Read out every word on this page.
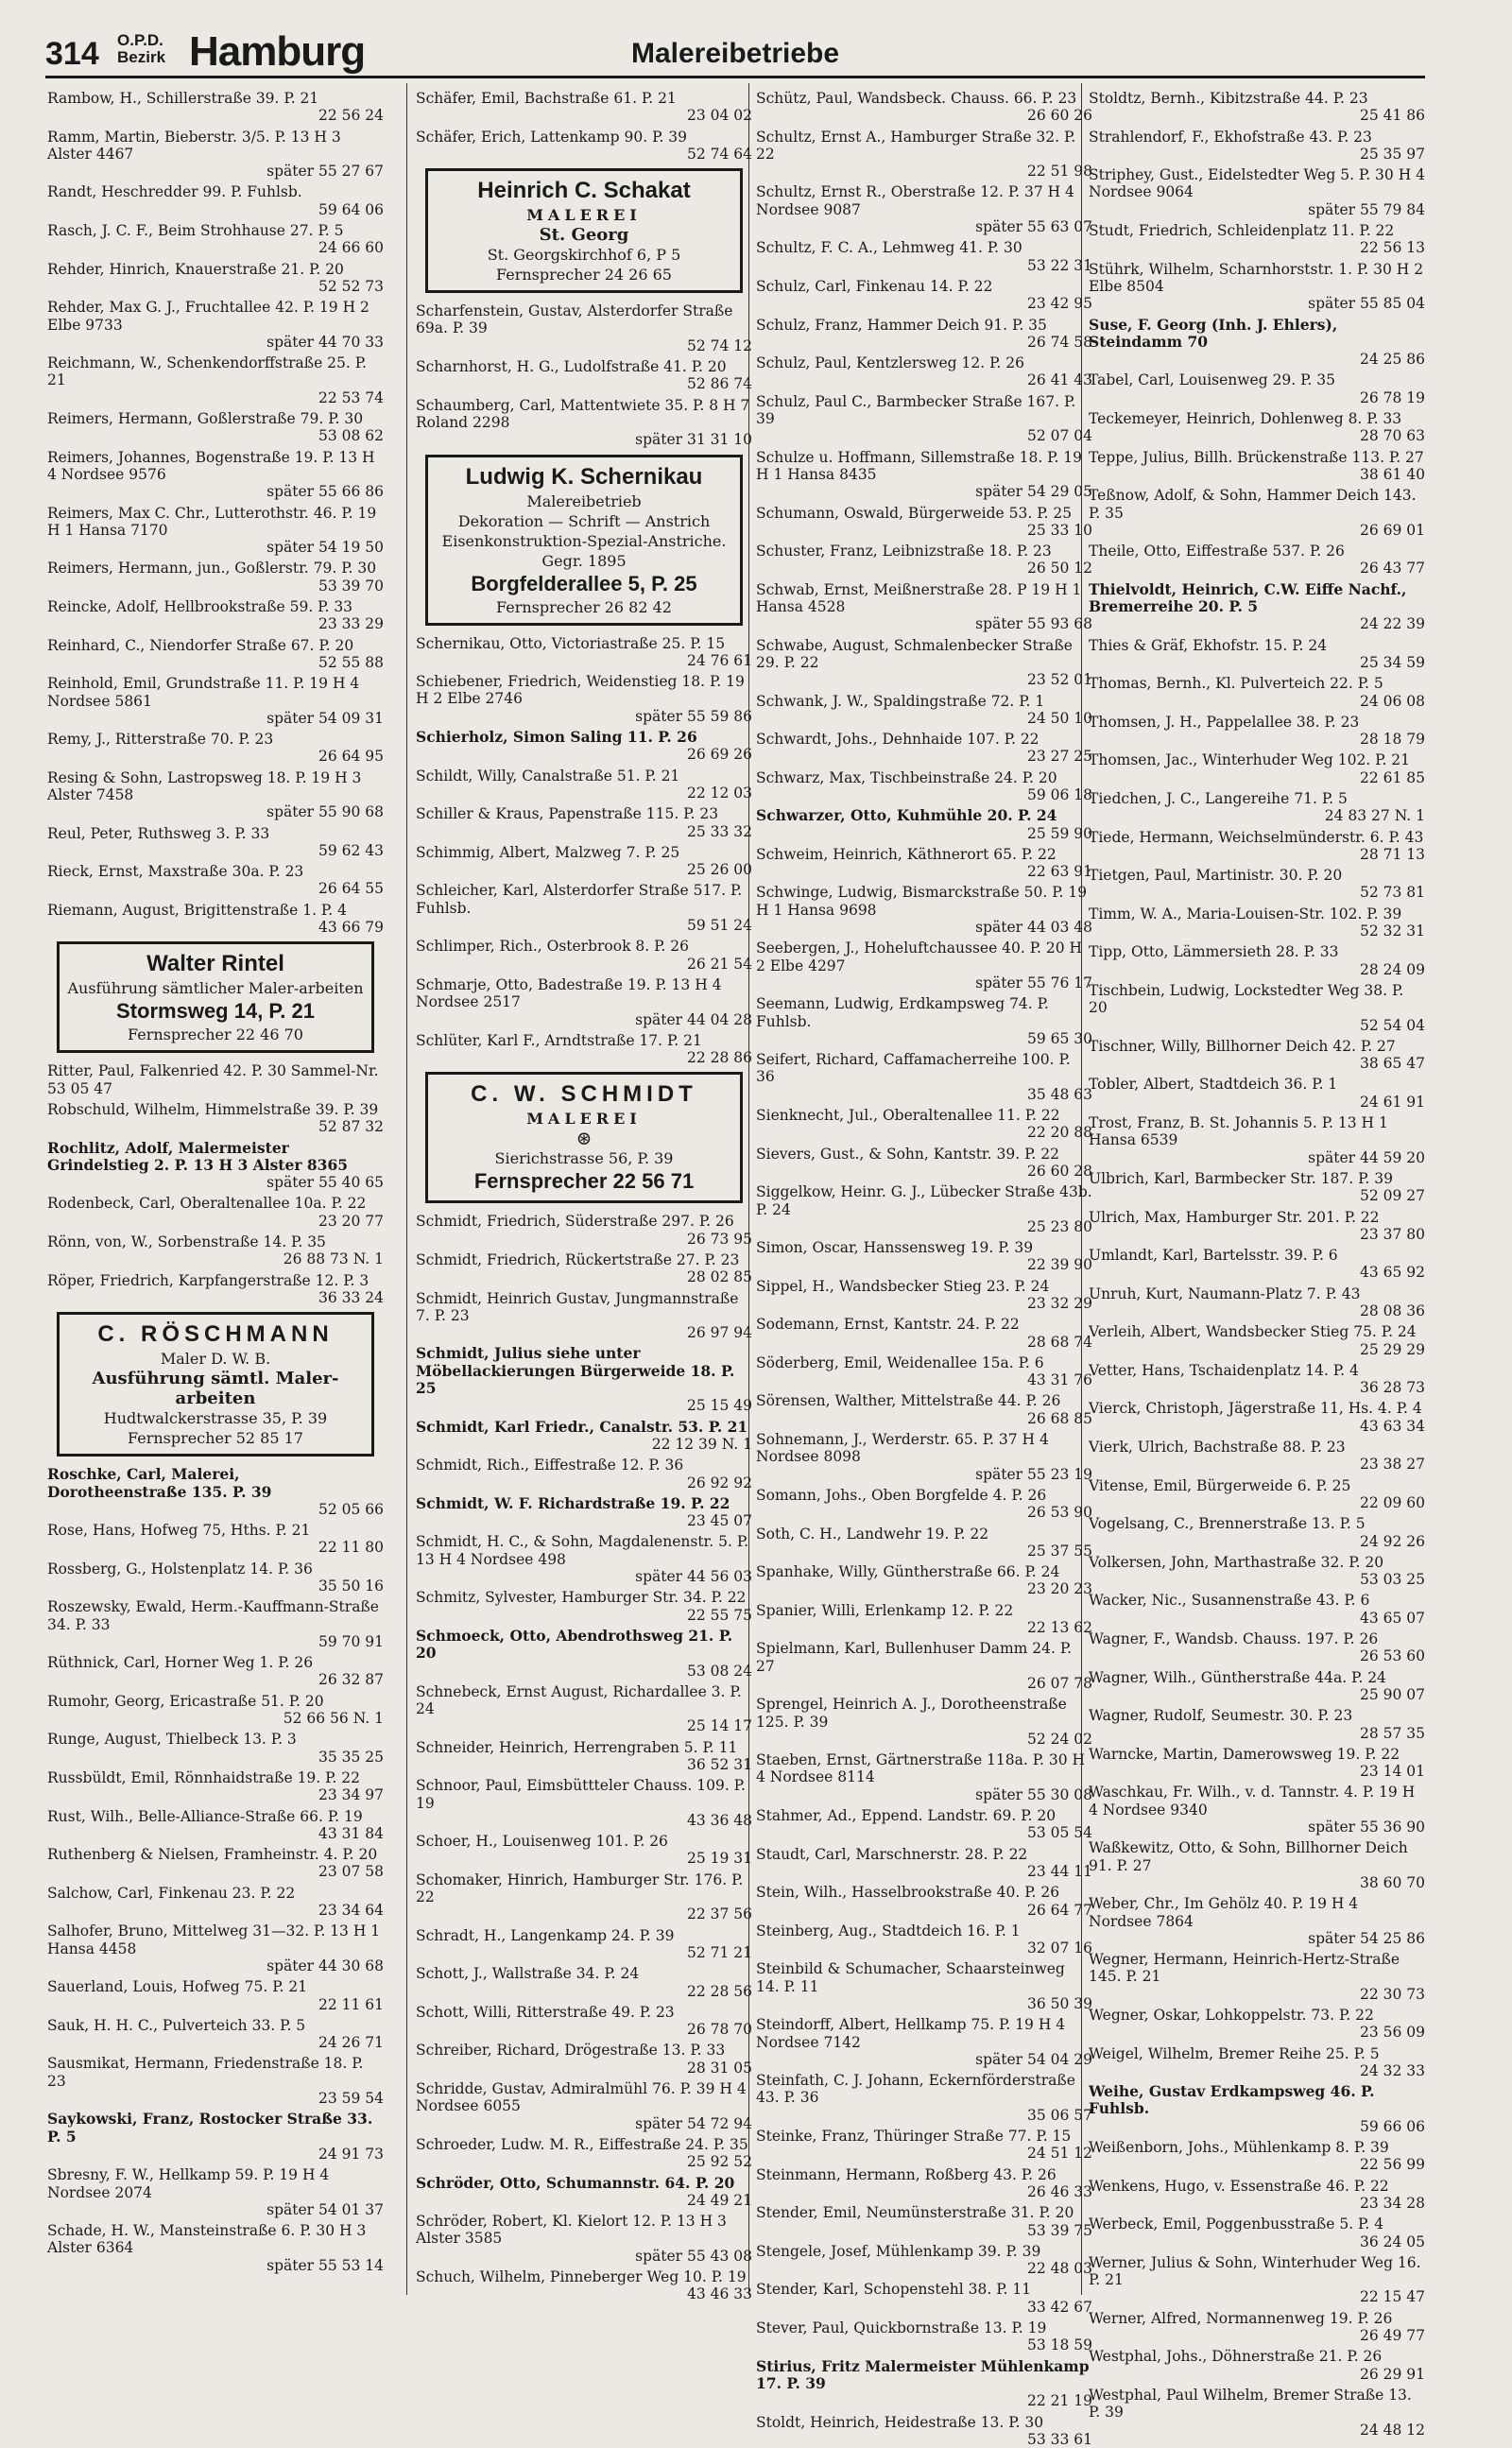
314 O.P.D.
Bezirk Hamburg	Malereibetriebe
Rambow, H., Schillerstraße 39. P. 21
22 56 24
Ramm, Martin, Bieberstr. 3/5. P. 13 H 3 Alster 4467
später 55 27 67
Randt, Heschredder 99. P. Fuhlsb.
59 64 06
Rasch, J. C. F., Beim Strohhause 27. P. 5
24 66 60
Rehder, Hinrich, Knauerstraße 21. P. 20
52 52 73
Rehder, Max G. J., Fruchtallee 42. P. 19 H 2 Elbe 9733
später 44 70 33
Reichmann, W., Schenkendorffstraße 25. P. 21
22 53 74
Reimers, Hermann, Goßlerstraße 79. P. 30
53 08 62
Reimers, Johannes, Bogenstraße 19. P. 13 H 4 Nordsee 9576
später 55 66 86
Reimers, Max C. Chr., Lutterothstr. 46. P. 19 H 1 Hansa 7170
später 54 19 50
Reimers, Hermann, jun., Goßlerstr. 79. P. 30
53 39 70
Reincke, Adolf, Hellbrookstraße 59. P. 33
23 33 29
Reinhard, C., Niendorfer Straße 67. P. 20
52 55 88
Reinhold, Emil, Grundstraße 11. P. 19 H 4 Nordsee 5861
später 54 09 31
Remy, J., Ritterstraße 70. P. 23
26 64 95
Resing & Sohn, Lastropsweg 18. P. 19 H 3 Alster 7458
später 55 90 68
Reul, Peter, Ruthsweg 3. P. 33
59 62 43
Rieck, Ernst, Maxstraße 30a. P. 23
26 64 55
Riemann, August, Brigittenstraße 1. P. 4
43 66 79
Walter Rintel
Ausführung sämtlicher Maler-arbeiten
Stormsweg 14, P. 21
Fernsprecher 22 46 70
Ritter, Paul, Falkenried 42. P. 30 Sammel-Nr. 53 05 47
Robschuld, Wilhelm, Himmelstraße 39. P. 39
52 87 32
Rochlitz, Adolf, Malermeister Grindelstieg 2. P. 13 H 3 Alster 8365
später 55 40 65
Rodenbeck, Carl, Oberaltenallee 10a. P. 22
23 20 77
Rönn, von, W., Sorbenstraße 14. P. 35
26 88 73 N. 1
Röper, Friedrich, Karpfangerstraße 12. P. 3
36 33 24
C. RÖSCHMANN
Maler D. W. B.
Ausführung sämtl. Maler-arbeiten
Hudtwalckerstrasse 35, P. 39
Fernsprecher 52 85 17
Roschke, Carl, Malerei, Dorotheenstraße 135. P. 39
52 05 66
Rose, Hans, Hofweg 75, Hths. P. 21
22 11 80
Rossberg, G., Holstenplatz 14. P. 36
35 50 16
Roszewsky, Ewald, Herm.-Kauffmann-Straße 34. P. 33
59 70 91
Rüthnick, Carl, Horner Weg 1. P. 26
26 32 87
Rumohr, Georg, Ericastraße 51. P. 20
52 66 56 N. 1
Runge, August, Thielbeck 13. P. 3
35 35 25
Russbüldt, Emil, Rönnhaidstraße 19. P. 22
23 34 97
Rust, Wilh., Belle-Alliance-Straße 66. P. 19
43 31 84
Ruthenberg & Nielsen, Framheinstr. 4. P. 20
23 07 58
Salchow, Carl, Finkenau 23. P. 22
23 34 64
Salhofer, Bruno, Mittelweg 31—32. P. 13 H 1 Hansa 4458
später 44 30 68
Sauerland, Louis, Hofweg 75. P. 21
22 11 61
Sauk, H. H. C., Pulverteich 33. P. 5
24 26 71
Sausmikat, Hermann, Friedenstraße 18. P. 23
23 59 54
Saykowski, Franz, Rostocker Straße 33. P. 5
24 91 73
Sbresny, F. W., Hellkamp 59. P. 19 H 4 Nordsee 2074
später 54 01 37
Schade, H. W., Mansteinstraße 6. P. 30 H 3 Alster 6364
später 55 53 14
Schäfer, Emil, Bachstraße 61. P. 21
23 04 02
Schäfer, Erich, Lattenkamp 90. P. 39
52 74 64
Heinrich C. Schakat
MALEREI
St. Georg
St. Georgskirchhof 6, P 5
Fernsprecher 24 26 65
Scharfenstein, Gustav, Alsterdorfer Straße 69a. P. 39
52 74 12
Scharnhorst, H. G., Ludolfstraße 41. P. 20
52 86 74
Schaumberg, Carl, Mattentwiete 35. P. 8 H 7 Roland 2298
später 31 31 10
Ludwig K. Schernikau
Malereibetrieb
Dekoration — Schrift — Anstrich
Eisenkonstruktion-Spezial-Anstriche. Gegr. 1895
Borgfelderallee 5, P. 25
Fernsprecher 26 82 42
Schernikau, Otto, Victoriastraße 25. P. 15
24 76 61
Schiebener, Friedrich, Weidenstieg 18. P. 19 H 2 Elbe 2746
später 55 59 86
Schierholz, Simon Saling 11. P. 26
26 69 26
Schildt, Willy, Canalstraße 51. P. 21
22 12 03
Schiller & Kraus, Papenstraße 115. P. 23
25 33 32
Schimmig, Albert, Malzweg 7. P. 25
25 26 00
Schleicher, Karl, Alsterdorfer Straße 517. P. Fuhlsb.
59 51 24
Schlimper, Rich., Osterbrook 8. P. 26
26 21 54
Schmarje, Otto, Badestraße 19. P. 13 H 4 Nordsee 2517
später 44 04 28
Schlüter, Karl F., Arndtstraße 17. P. 21
22 28 86
C. W. SCHMIDT
MALEREI
⊛
Sierichstrasse 56, P. 39
Fernsprecher 22 56 71
Schmidt, Friedrich, Süderstraße 297. P. 26
26 73 95
Schmidt, Friedrich, Rückertstraße 27. P. 23
28 02 85
Schmidt, Heinrich Gustav, Jungmannstraße 7. P. 23
26 97 94
Schmidt, Julius siehe unter Möbellackierungen Bürgerweide 18. P. 25
25 15 49
Schmidt, Karl Friedr., Canalstr. 53. P. 21
22 12 39 N. 1
Schmidt, Rich., Eiffestraße 12. P. 36
26 92 92
Schmidt, W. F. Richardstraße 19. P. 22
23 45 07
Schmidt, H. C., & Sohn, Magdalenenstr. 5. P. 13 H 4 Nordsee 498
später 44 56 03
Schmitz, Sylvester, Hamburger Str. 34. P. 22
22 55 75
Schmoeck, Otto, Abendrothsweg 21. P. 20
53 08 24
Schnebeck, Ernst August, Richardallee 3. P. 24
25 14 17
Schneider, Heinrich, Herrengraben 5. P. 11
36 52 31
Schnoor, Paul, Eimsbüttteler Chauss. 109. P. 19
43 36 48
Schoer, H., Louisenweg 101. P. 26
25 19 31
Schomaker, Hinrich, Hamburger Str. 176. P. 22
22 37 56
Schradt, H., Langenkamp 24. P. 39
52 71 21
Schott, J., Wallstraße 34. P. 24
22 28 56
Schott, Willi, Ritterstraße 49. P. 23
26 78 70
Schreiber, Richard, Drögestraße 13. P. 33
28 31 05
Schridde, Gustav, Admiralmühl 76. P. 39 H 4 Nordsee 6055
später 54 72 94
Schroeder, Ludw. M. R., Eiffestraße 24. P. 35
25 92 52
Schröder, Otto, Schumannstr. 64. P. 20
24 49 21
Schröder, Robert, Kl. Kielort 12. P. 13 H 3 Alster 3585
später 55 43 08
Schuch, Wilhelm, Pinneberger Weg 10. P. 19
43 46 33
Schütz, Paul, Wandsbeck. Chauss. 66. P. 23
26 60 26
Schultz, Ernst A., Hamburger Straße 32. P. 22
22 51 98
Schultz, Ernst R., Oberstraße 12. P. 37 H 4 Nordsee 9087
später 55 63 07
Schultz, F. C. A., Lehmweg 41. P. 30
53 22 31
Schulz, Carl, Finkenau 14. P. 22
23 42 95
Schulz, Franz, Hammer Deich 91. P. 35
26 74 58
Schulz, Paul, Kentzlersweg 12. P. 26
26 41 43
Schulz, Paul C., Barmbecker Straße 167. P. 39
52 07 04
Schulze u. Hoffmann, Sillemstraße 18. P. 19 H 1 Hansa 8435
später 54 29 05
Schumann, Oswald, Bürgerweide 53. P. 25
25 33 10
Schuster, Franz, Leibnizstraße 18. P. 23
26 50 12
Schwab, Ernst, Meißnerstraße 28. P 19 H 1 Hansa 4528
später 55 93 68
Schwabe, August, Schmalenbecker Straße 29. P. 22
23 52 01
Schwank, J. W., Spaldingstraße 72. P. 1
24 50 10
Schwardt, Johs., Dehnhaide 107. P. 22
23 27 25
Schwarz, Max, Tischbeinstraße 24. P. 20
59 06 18
Schwarzer, Otto, Kuhmühle 20. P. 24
25 59 90
Schweim, Heinrich, Käthnerort 65. P. 22
22 63 91
Schwinge, Ludwig, Bismarckstraße 50. P. 19 H 1 Hansa 9698
später 44 03 48
Seebergen, J., Hoheluftchaussee 40. P. 20 H 2 Elbe 4297
später 55 76 17
Seemann, Ludwig, Erdkampsweg 74. P. Fuhlsb.
59 65 30
Seifert, Richard, Caffamacherreihe 100. P. 36
35 48 63
Sienknecht, Jul., Oberaltenallee 11. P. 22
22 20 88
Sievers, Gust., & Sohn, Kantstr. 39. P. 22
26 60 28
Siggelkow, Heinr. G. J., Lübecker Straße 43b. P. 24
25 23 80
Simon, Oscar, Hanssensweg 19. P. 39
22 39 90
Sippel, H., Wandsbecker Stieg 23. P. 24
23 32 29
Sodemann, Ernst, Kantstr. 24. P. 22
28 68 74
Söderberg, Emil, Weidenallee 15a. P. 6
43 31 76
Sörensen, Walther, Mittelstraße 44. P. 26
26 68 85
Sohnemann, J., Werderstr. 65. P. 37 H 4 Nordsee 8098
später 55 23 19
Somann, Johs., Oben Borgfelde 4. P. 26
26 53 90
Soth, C. H., Landwehr 19. P. 22
25 37 55
Spanhake, Willy, Güntherstraße 66. P. 24
23 20 23
Spanier, Willi, Erlenkamp 12. P. 22
22 13 62
Spielmann, Karl, Bullenhuser Damm 24. P. 27
26 07 78
Sprengel, Heinrich A. J., Dorotheenstraße 125. P. 39
52 24 02
Staeben, Ernst, Gärtnerstraße 118a. P. 30 H 4 Nordsee 8114
später 55 30 08
Stahmer, Ad., Eppend. Landstr. 69. P. 20
53 05 54
Staudt, Carl, Marschnerstr. 28. P. 22
23 44 11
Stein, Wilh., Hasselbrookstraße 40. P. 26
26 64 77
Steinberg, Aug., Stadtdeich 16. P. 1
32 07 16
Steinbild & Schumacher, Schaarsteinweg 14. P. 11
36 50 39
Steindorff, Albert, Hellkamp 75. P. 19 H 4 Nordsee 7142
später 54 04 29
Steinfath, C. J. Johann, Eckernförderstraße 43. P. 36
35 06 57
Steinke, Franz, Thüringer Straße 77. P. 15
24 51 12
Steinmann, Hermann, Roßberg 43. P. 26
26 46 33
Stender, Emil, Neumünsterstraße 31. P. 20
53 39 75
Stengele, Josef, Mühlenkamp 39. P. 39
22 48 03
Stender, Karl, Schopenstehl 38. P. 11
33 42 67
Stever, Paul, Quickbornstraße 13. P. 19
53 18 59
Stirius, Fritz Malermeister Mühlenkamp 17. P. 39
22 21 19
Stoldt, Heinrich, Heidestraße 13. P. 30
53 33 61
Stoldtz, Bernh., Kibitzstraße 44. P. 23
25 41 86
Strahlendorf, F., Ekhofstraße 43. P. 23
25 35 97
Striphey, Gust., Eidelstedter Weg 5. P. 30 H 4 Nordsee 9064
später 55 79 84
Studt, Friedrich, Schleidenplatz 11. P. 22
22 56 13
Stührk, Wilhelm, Scharnhorststr. 1. P. 30 H 2 Elbe 8504
später 55 85 04
Suse, F. Georg (Inh. J. Ehlers), Steindamm 70
24 25 86
Tabel, Carl, Louisenweg 29. P. 35
26 78 19
Teckemeyer, Heinrich, Dohlenweg 8. P. 33
28 70 63
Teppe, Julius, Billh. Brückenstraße 113. P. 27
38 61 40
Teßnow, Adolf, & Sohn, Hammer Deich 143. P. 35
26 69 01
Theile, Otto, Eiffestraße 537. P. 26
26 43 77
Thielvoldt, Heinrich, C.W. Eiffe Nachf., Bremerreihe 20. P. 5
24 22 39
Thies & Gräf, Ekhofstr. 15. P. 24
25 34 59
Thomas, Bernh., Kl. Pulverteich 22. P. 5
24 06 08
Thomsen, J. H., Pappelallee 38. P. 23
28 18 79
Thomsen, Jac., Winterhuder Weg 102. P. 21
22 61 85
Tiedchen, J. C., Langereihe 71. P. 5
24 83 27 N. 1
Tiede, Hermann, Weichselmünderstr. 6. P. 43
28 71 13
Tietgen, Paul, Martinistr. 30. P. 20
52 73 81
Timm, W. A., Maria-Louisen-Str. 102. P. 39
52 32 31
Tipp, Otto, Lämmersieth 28. P. 33
28 24 09
Tischbein, Ludwig, Lockstedter Weg 38. P. 20
52 54 04
Tischner, Willy, Billhorner Deich 42. P. 27
38 65 47
Tobler, Albert, Stadtdeich 36. P. 1
24 61 91
Trost, Franz, B. St. Johannis 5. P. 13 H 1 Hansa 6539
später 44 59 20
Ulbrich, Karl, Barmbecker Str. 187. P. 39
52 09 27
Ulrich, Max, Hamburger Str. 201. P. 22
23 37 80
Umlandt, Karl, Bartelsstr. 39. P. 6
43 65 92
Unruh, Kurt, Naumann-Platz 7. P. 43
28 08 36
Verleih, Albert, Wandsbecker Stieg 75. P. 24
25 29 29
Vetter, Hans, Tschaidenplatz 14. P. 4
36 28 73
Vierck, Christoph, Jägerstraße 11, Hs. 4. P. 4
43 63 34
Vierk, Ulrich, Bachstraße 88. P. 23
23 38 27
Vitense, Emil, Bürgerweide 6. P. 25
22 09 60
Vogelsang, C., Brennerstraße 13. P. 5
24 92 26
Volkersen, John, Marthastraße 32. P. 20
53 03 25
Wacker, Nic., Susannenstraße 43. P. 6
43 65 07
Wagner, F., Wandsb. Chauss. 197. P. 26
26 53 60
Wagner, Wilh., Güntherstraße 44a. P. 24
25 90 07
Wagner, Rudolf, Seumestr. 30. P. 23
28 57 35
Warncke, Martin, Damerowsweg 19. P. 22
23 14 01
Waschkau, Fr. Wilh., v. d. Tannstr. 4. P. 19 H 4 Nordsee 9340
später 55 36 90
Waßkewitz, Otto, & Sohn, Billhorner Deich 91. P. 27
38 60 70
Weber, Chr., Im Gehölz 40. P. 19 H 4 Nordsee 7864
später 54 25 86
Wegner, Hermann, Heinrich-Hertz-Straße 145. P. 21
22 30 73
Wegner, Oskar, Lohkoppelstr. 73. P. 22
23 56 09
Weigel, Wilhelm, Bremer Reihe 25. P. 5
24 32 33
Weihe, Gustav Erdkampsweg 46. P. Fuhlsb.
59 66 06
Weißenborn, Johs., Mühlenkamp 8. P. 39
22 56 99
Wenkens, Hugo, v. Essenstraße 46. P. 22
23 34 28
Werbeck, Emil, Poggenbusstraße 5. P. 4
36 24 05
Werner, Julius & Sohn, Winterhuder Weg 16. P. 21
22 15 47
Werner, Alfred, Normannenweg 19. P. 26
26 49 77
Westphal, Johs., Döhnerstraße 21. P. 26
26 29 91
Westphal, Paul Wilhelm, Bremer Straße 13. P. 39
24 48 12
